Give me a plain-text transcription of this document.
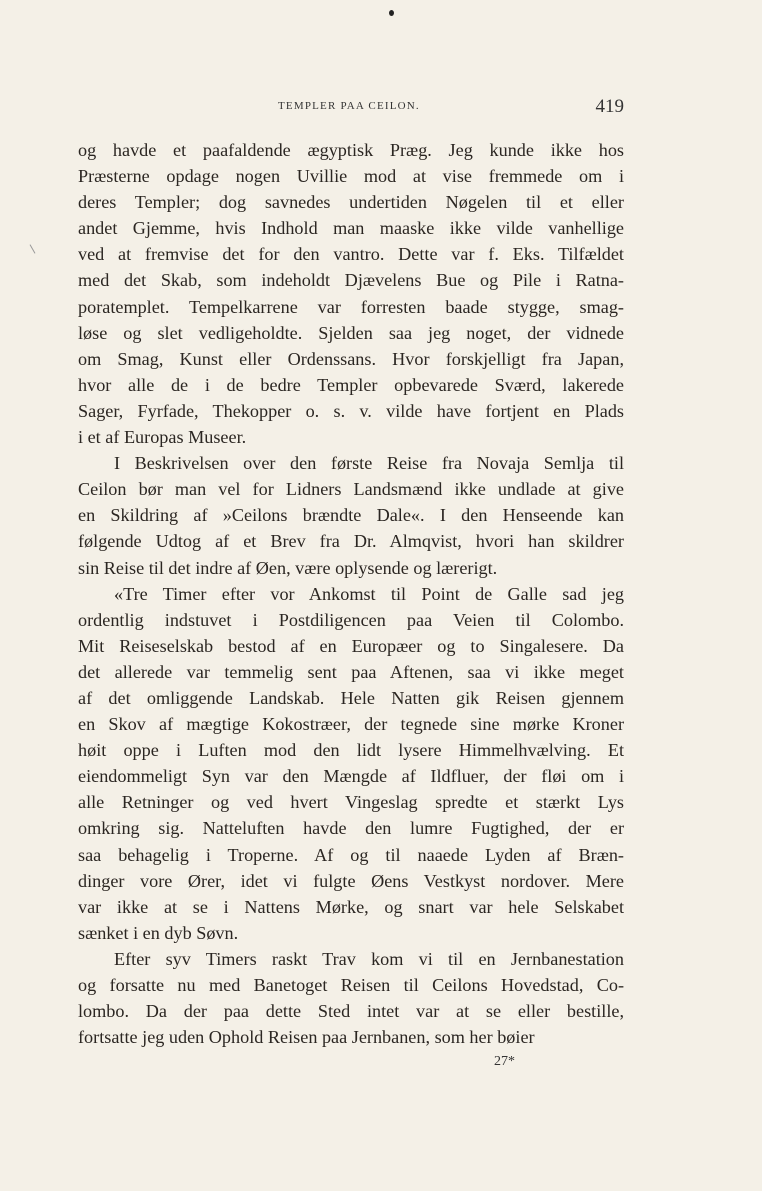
TEMPLER PAA CEILON.	419
og havde et paafaldende ægyptisk Præg. Jeg kunde ikke hos
Præsterne opdage nogen Uvillie mod at vise fremmede om i
deres Templer; dog savnedes undertiden Nøgelen til et eller
andet Gjemme, hvis Indhold man maaske ikke vilde vanhellige
ved at fremvise det for den vantro. Dette var f. Eks. Tilfældet
med det Skab, som indeholdt Djævelens Bue og Pile i Ratna-
poratemplet. Tempelkarrene var forresten baade stygge, smag-
løse og slet vedligeholdte. Sjelden saa jeg noget, der vidnede
om Smag, Kunst eller Ordenssans. Hvor forskjelligt fra Japan,
hvor alle de i de bedre Templer opbevarede Sværd, lakerede
Sager, Fyrfade, Thekopper o. s. v. vilde have fortjent en Plads
i et af Europas Museer.
I Beskrivelsen over den første Reise fra Novaja Semlja til
Ceilon bør man vel for Lidners Landsmænd ikke undlade at give
en Skildring af »Ceilons brændte Dale«. I den Henseende kan
følgende Udtog af et Brev fra Dr. Almqvist, hvori han skildrer
sin Reise til det indre af Øen, være oplysende og lærerigt.
«Tre Timer efter vor Ankomst til Point de Galle sad jeg
ordentlig indstuvet i Postdiligencen paa Veien til Colombo.
Mit Reiseselskab bestod af en Europæer og to Singalesere. Da
det allerede var temmelig sent paa Aftenen, saa vi ikke meget
af det omliggende Landskab. Hele Natten gik Reisen gjennem
en Skov af mægtige Kokostræer, der tegnede sine mørke Kroner
høit oppe i Luften mod den lidt lysere Himmelhvælving. Et
eiendommeligt Syn var den Mængde af Ildfluer, der fløi om i
alle Retninger og ved hvert Vingeslag spredte et stærkt Lys
omkring sig. Natteluften havde den lumre Fugtighed, der er
saa behagelig i Troperne. Af og til naaede Lyden af Bræn-
dinger vore Ører, idet vi fulgte Øens Vestkyst nordover. Mere
var ikke at se i Nattens Mørke, og snart var hele Selskabet
sænket i en dyb Søvn.
Efter syv Timers raskt Trav kom vi til en Jernbanestation
og forsatte nu med Banetoget Reisen til Ceilons Hovedstad, Co-
lombo. Da der paa dette Sted intet var at se eller bestille,
fortsatte jeg uden Ophold Reisen paa Jernbanen, som her bøier
27*
